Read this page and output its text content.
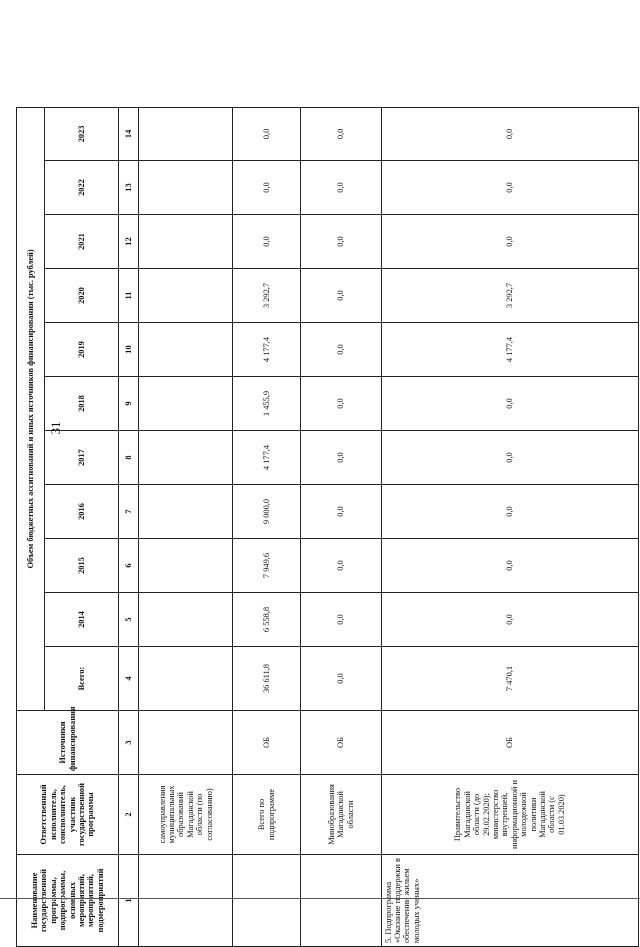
31
Наименование государственной программы, подпрограммы, основных мероприятий, мероприятий, подмероприятий	Ответственный исполнитель, соисполнитель, участник государственной программы	Источники финансирования	Объем бюджетных ассигнований и иных источников финансирования (тыс. рублей)										
			Всего:	2014	2015	2016	2017	2018	2019	2020	2021	2022	2023
1	2	3	4	5	6	7	8	9	10	11	12	13	14
	самоуправления муниципальных образований Магаданской области (по согласованию)												
	Всего по подпрограмме	ОБ	36 611,8	6 558,8	7 949,6	9 000,0	4 177,4	1 455,9	4 177,4	3 292,7	0,0	0,0	0,0
	Минобразования Магаданской области	ОБ	0,0	0,0	0,0	0,0	0,0	0,0	0,0	0,0	0,0	0,0	0,0
5. Подпрограмма «Оказание поддержки в обеспечении жильем молодых ученых»	Правительство Магаданской области (до 29.02.2020); министерство внутренней, информационной и молодежной политики Магаданской области (с 01.03.2020)	ОБ	7 470,1	0,0	0,0	0,0	0,0	0,0	4 177,4	3 292,7	0,0	0,0	0,0
